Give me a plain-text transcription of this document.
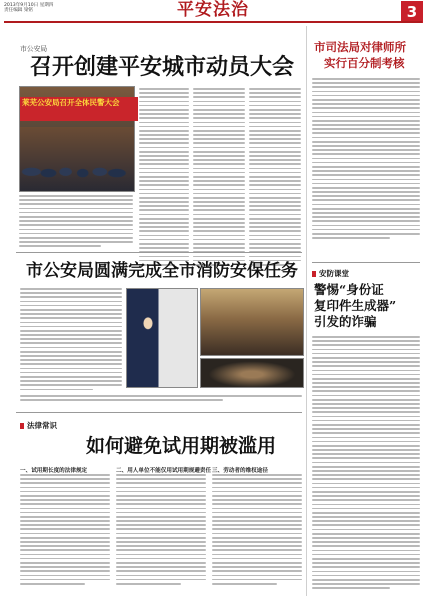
2013年9月10日 星期四
责任编辑 梁铭	平安法治	3
市公安局
召开创建平安城市动员大会
莱芜公安局召开全体民警大会
市公安局圆满完成全市消防安保任务
法律常识
如何避免试用期被滥用
一、试用期长度的法律规定	二、用人单位不能仅用试用期规避责任 三、劳动者的维权途径
市司法局对律师所
实行百分制考核
安防课堂
警惕“身份证
复印件生成器”
引发的诈骗
